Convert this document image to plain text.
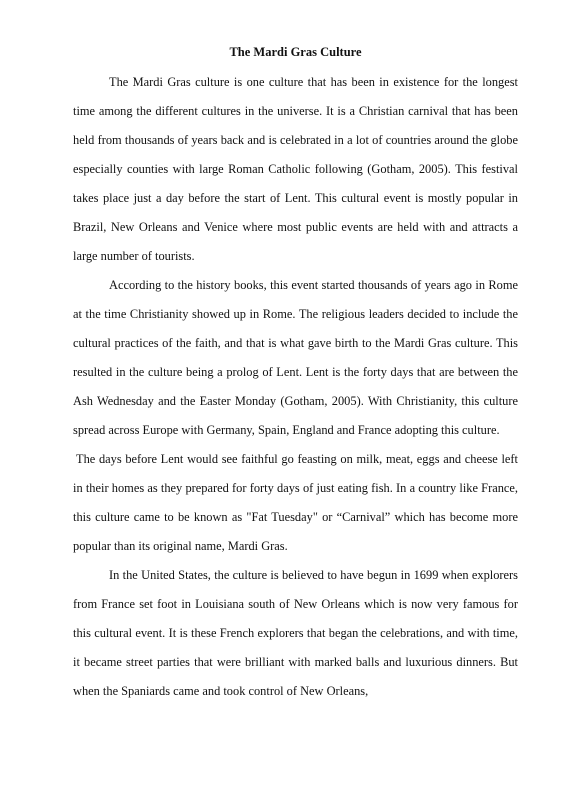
The Mardi Gras Culture

The Mardi Gras culture is one culture that has been in existence for the longest time among the different cultures in the universe. It is a Christian carnival that has been held from thousands of years back and is celebrated in a lot of countries around the globe especially counties with large Roman Catholic following (Gotham, 2005). This festival takes place just a day before the start of Lent. This cultural event is mostly popular in Brazil, New Orleans and Venice where most public events are held with and attracts a large number of tourists.

According to the history books, this event started thousands of years ago in Rome at the time Christianity showed up in Rome. The religious leaders decided to include the cultural practices of the faith, and that is what gave birth to the Mardi Gras culture. This resulted in the culture being a prolog of Lent. Lent is the forty days that are between the Ash Wednesday and the Easter Monday (Gotham, 2005). With Christianity, this culture spread across Europe with Germany, Spain, England and France adopting this culture.

The days before Lent would see faithful go feasting on milk, meat, eggs and cheese left in their homes as they prepared for forty days of just eating fish. In a country like France, this culture came to be known as "Fat Tuesday" or “Carnival” which has become more popular than its original name, Mardi Gras.

In the United States, the culture is believed to have begun in 1699 when explorers from France set foot in Louisiana south of New Orleans which is now very famous for this cultural event. It is these French explorers that began the celebrations, and with time, it became street parties that were brilliant with marked balls and luxurious dinners. But when the Spaniards came and took control of New Orleans,
